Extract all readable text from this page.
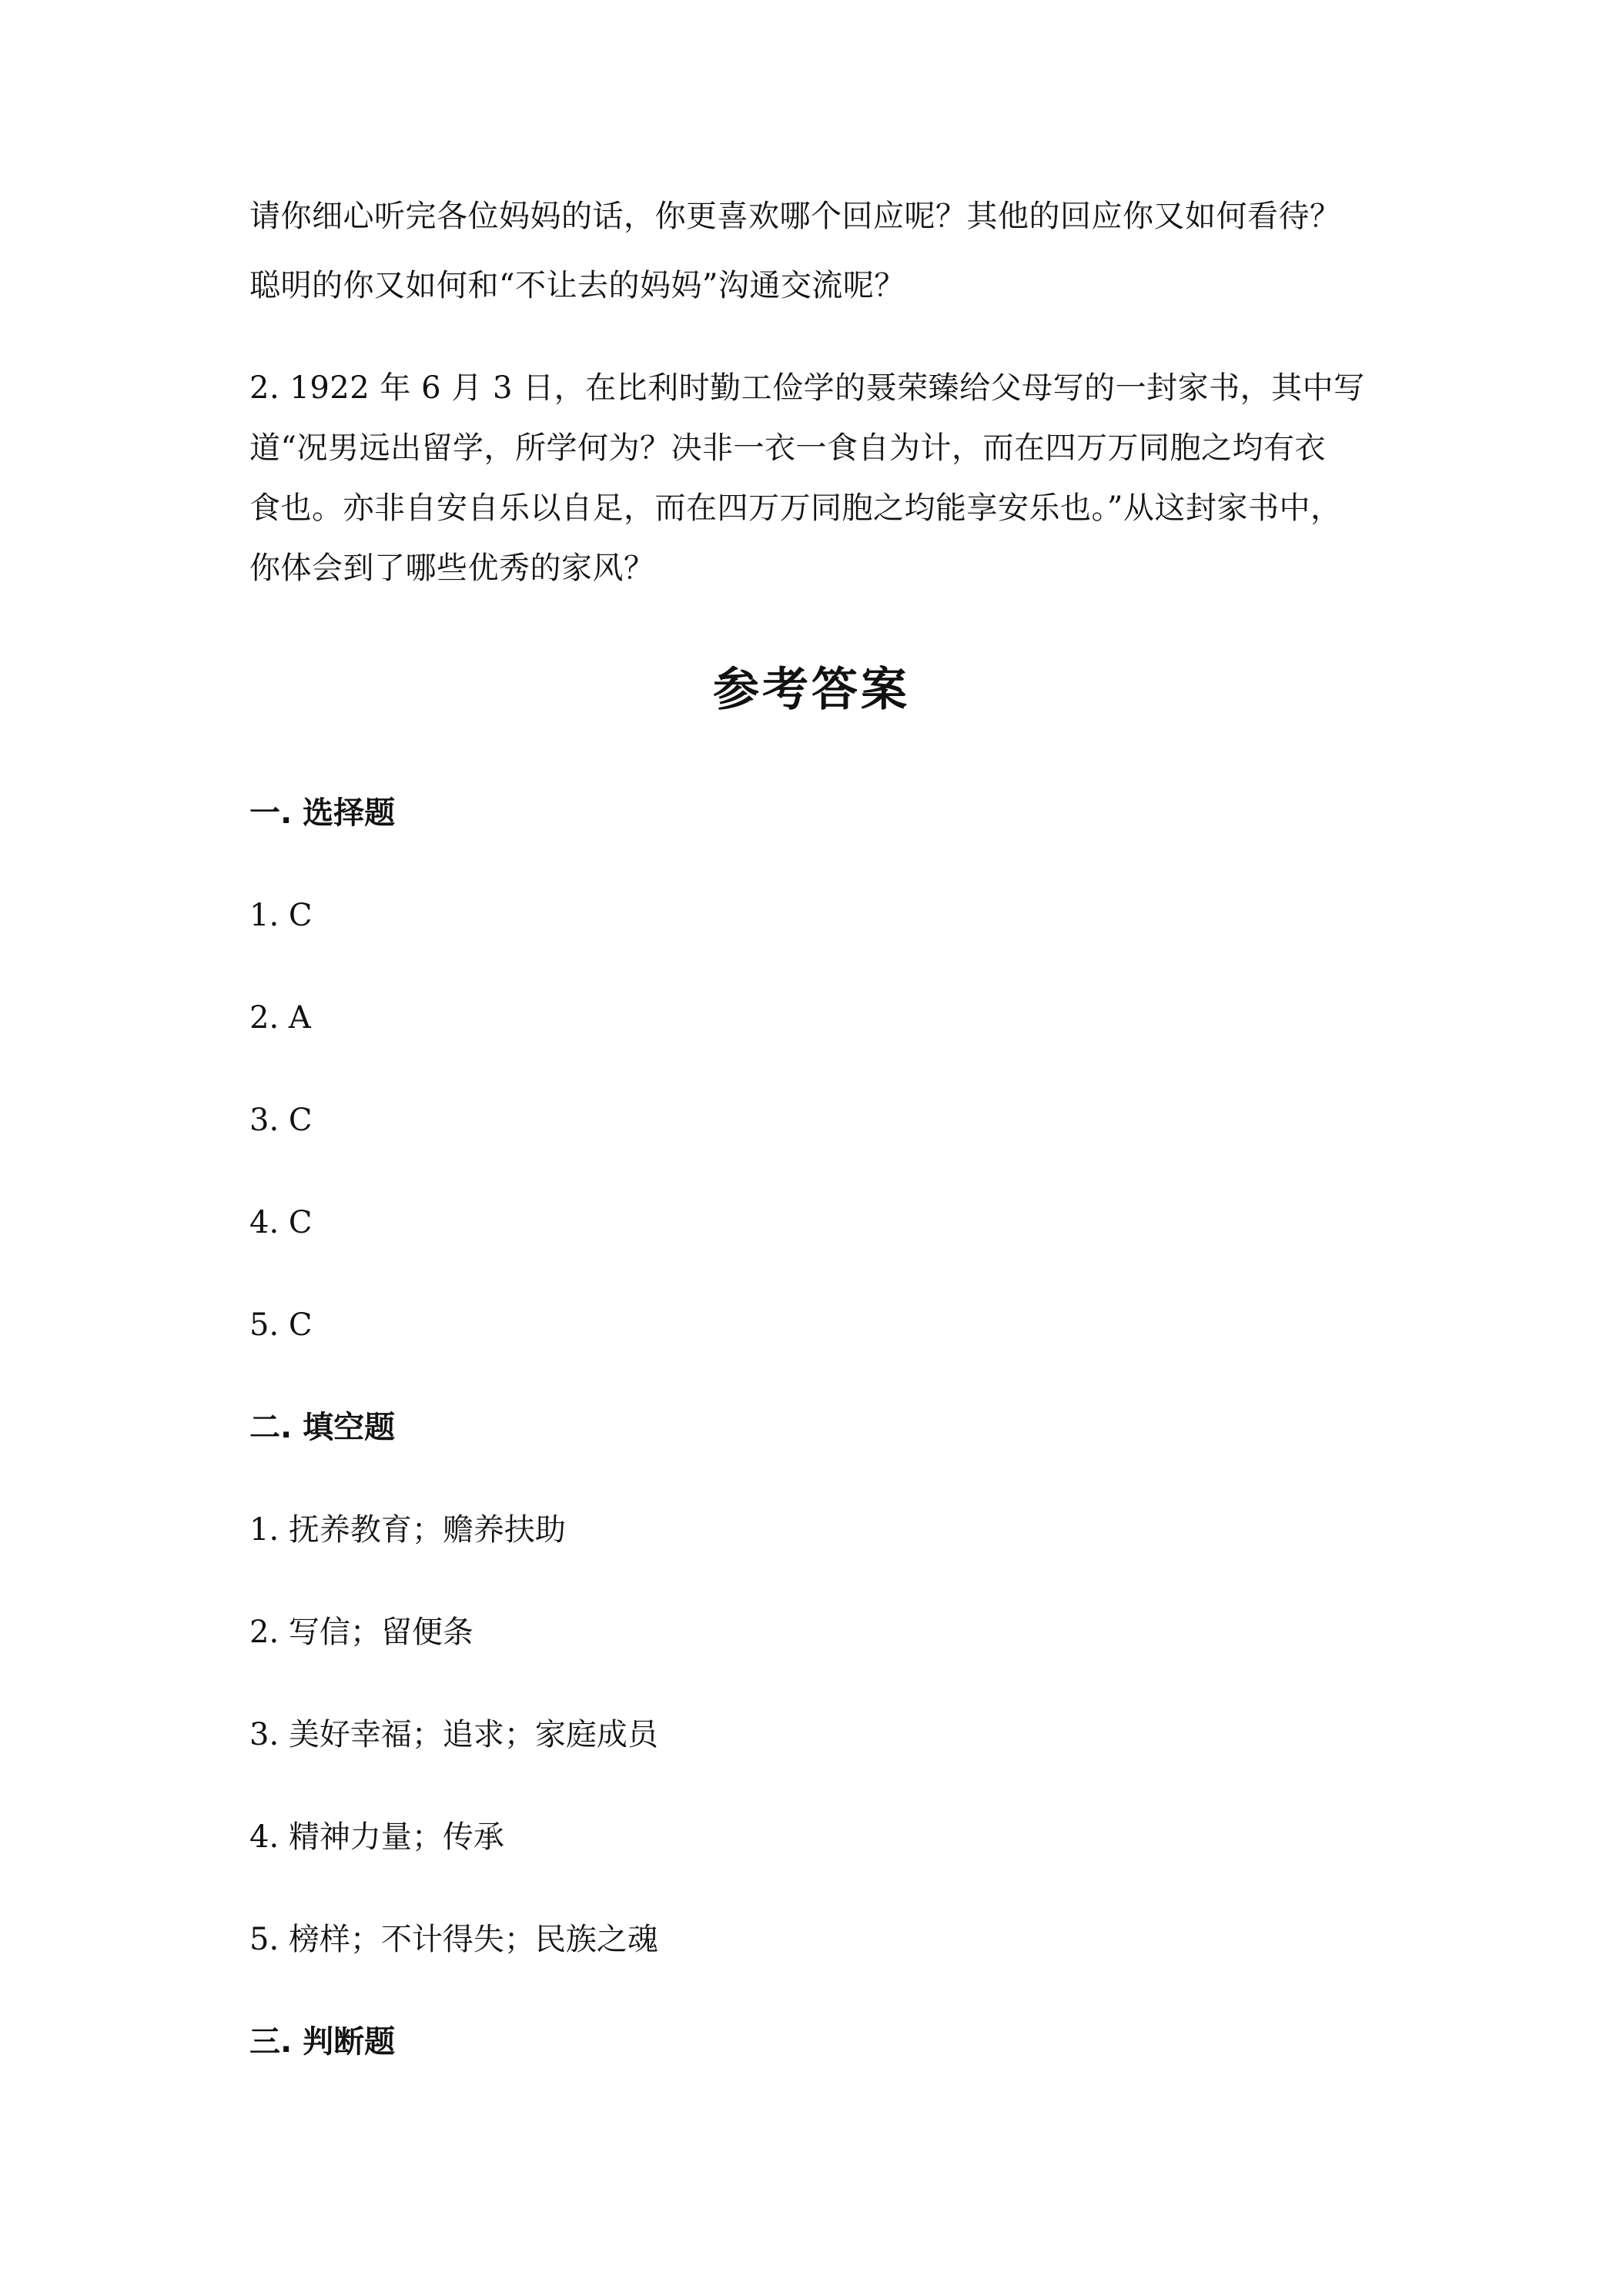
请你细心听完各位妈妈的话，你更喜欢哪个回应呢？其他的回应你又如何看待？
聪明的你又如何和“不让去的妈妈”沟通交流呢？
2. 1922 年 6 月 3 日，在比利时勤工俭学的聂荣臻给父母写的一封家书，其中写
道“况男远出留学，所学何为？决非一衣一食自为计，而在四万万同胞之均有衣
食也。亦非自安自乐以自足，而在四万万同胞之均能享安乐也。”从这封家书中，
你体会到了哪些优秀的家风？
参考答案
一. 选择题
1. C
2. A
3. C
4. C
5. C
二. 填空题
1. 抚养教育；赡养扶助
2. 写信；留便条
3. 美好幸福；追求；家庭成员
4. 精神力量；传承
5. 榜样；不计得失；民族之魂
三. 判断题
